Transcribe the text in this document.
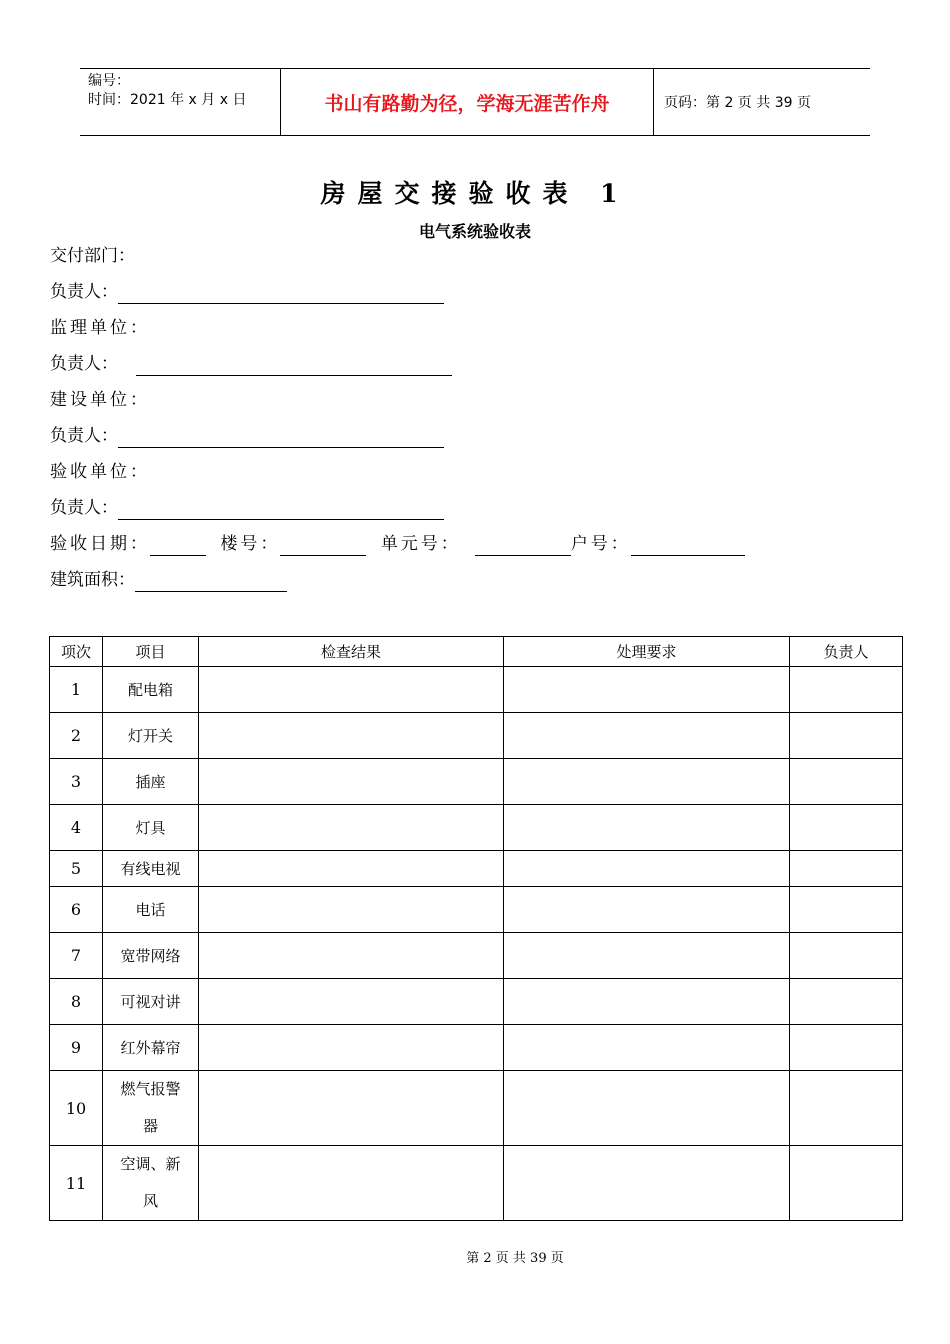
编号：
时间：2021 年 x 月 x 日	书山有路勤为径，学海无涯苦作舟	页码：第 2 页 共 39 页
房屋交接验收表 1
电气系统验收表
交付部门：
负责人：
监理单位：
负责人：
建设单位：
负责人：
验收单位：
负责人：
验收日期：	楼号：	单元号：	户号：
建筑面积：
项次	项目	检查结果	处理要求	负责人
1	配电箱			
2	灯开关			
3	插座			
4	灯具			
5	有线电视			
6	电话			
7	宽带网络			
8	可视对讲			
9	红外幕帘			
10	燃气报警器			
11	空调、新风			
第 2 页 共 39 页
